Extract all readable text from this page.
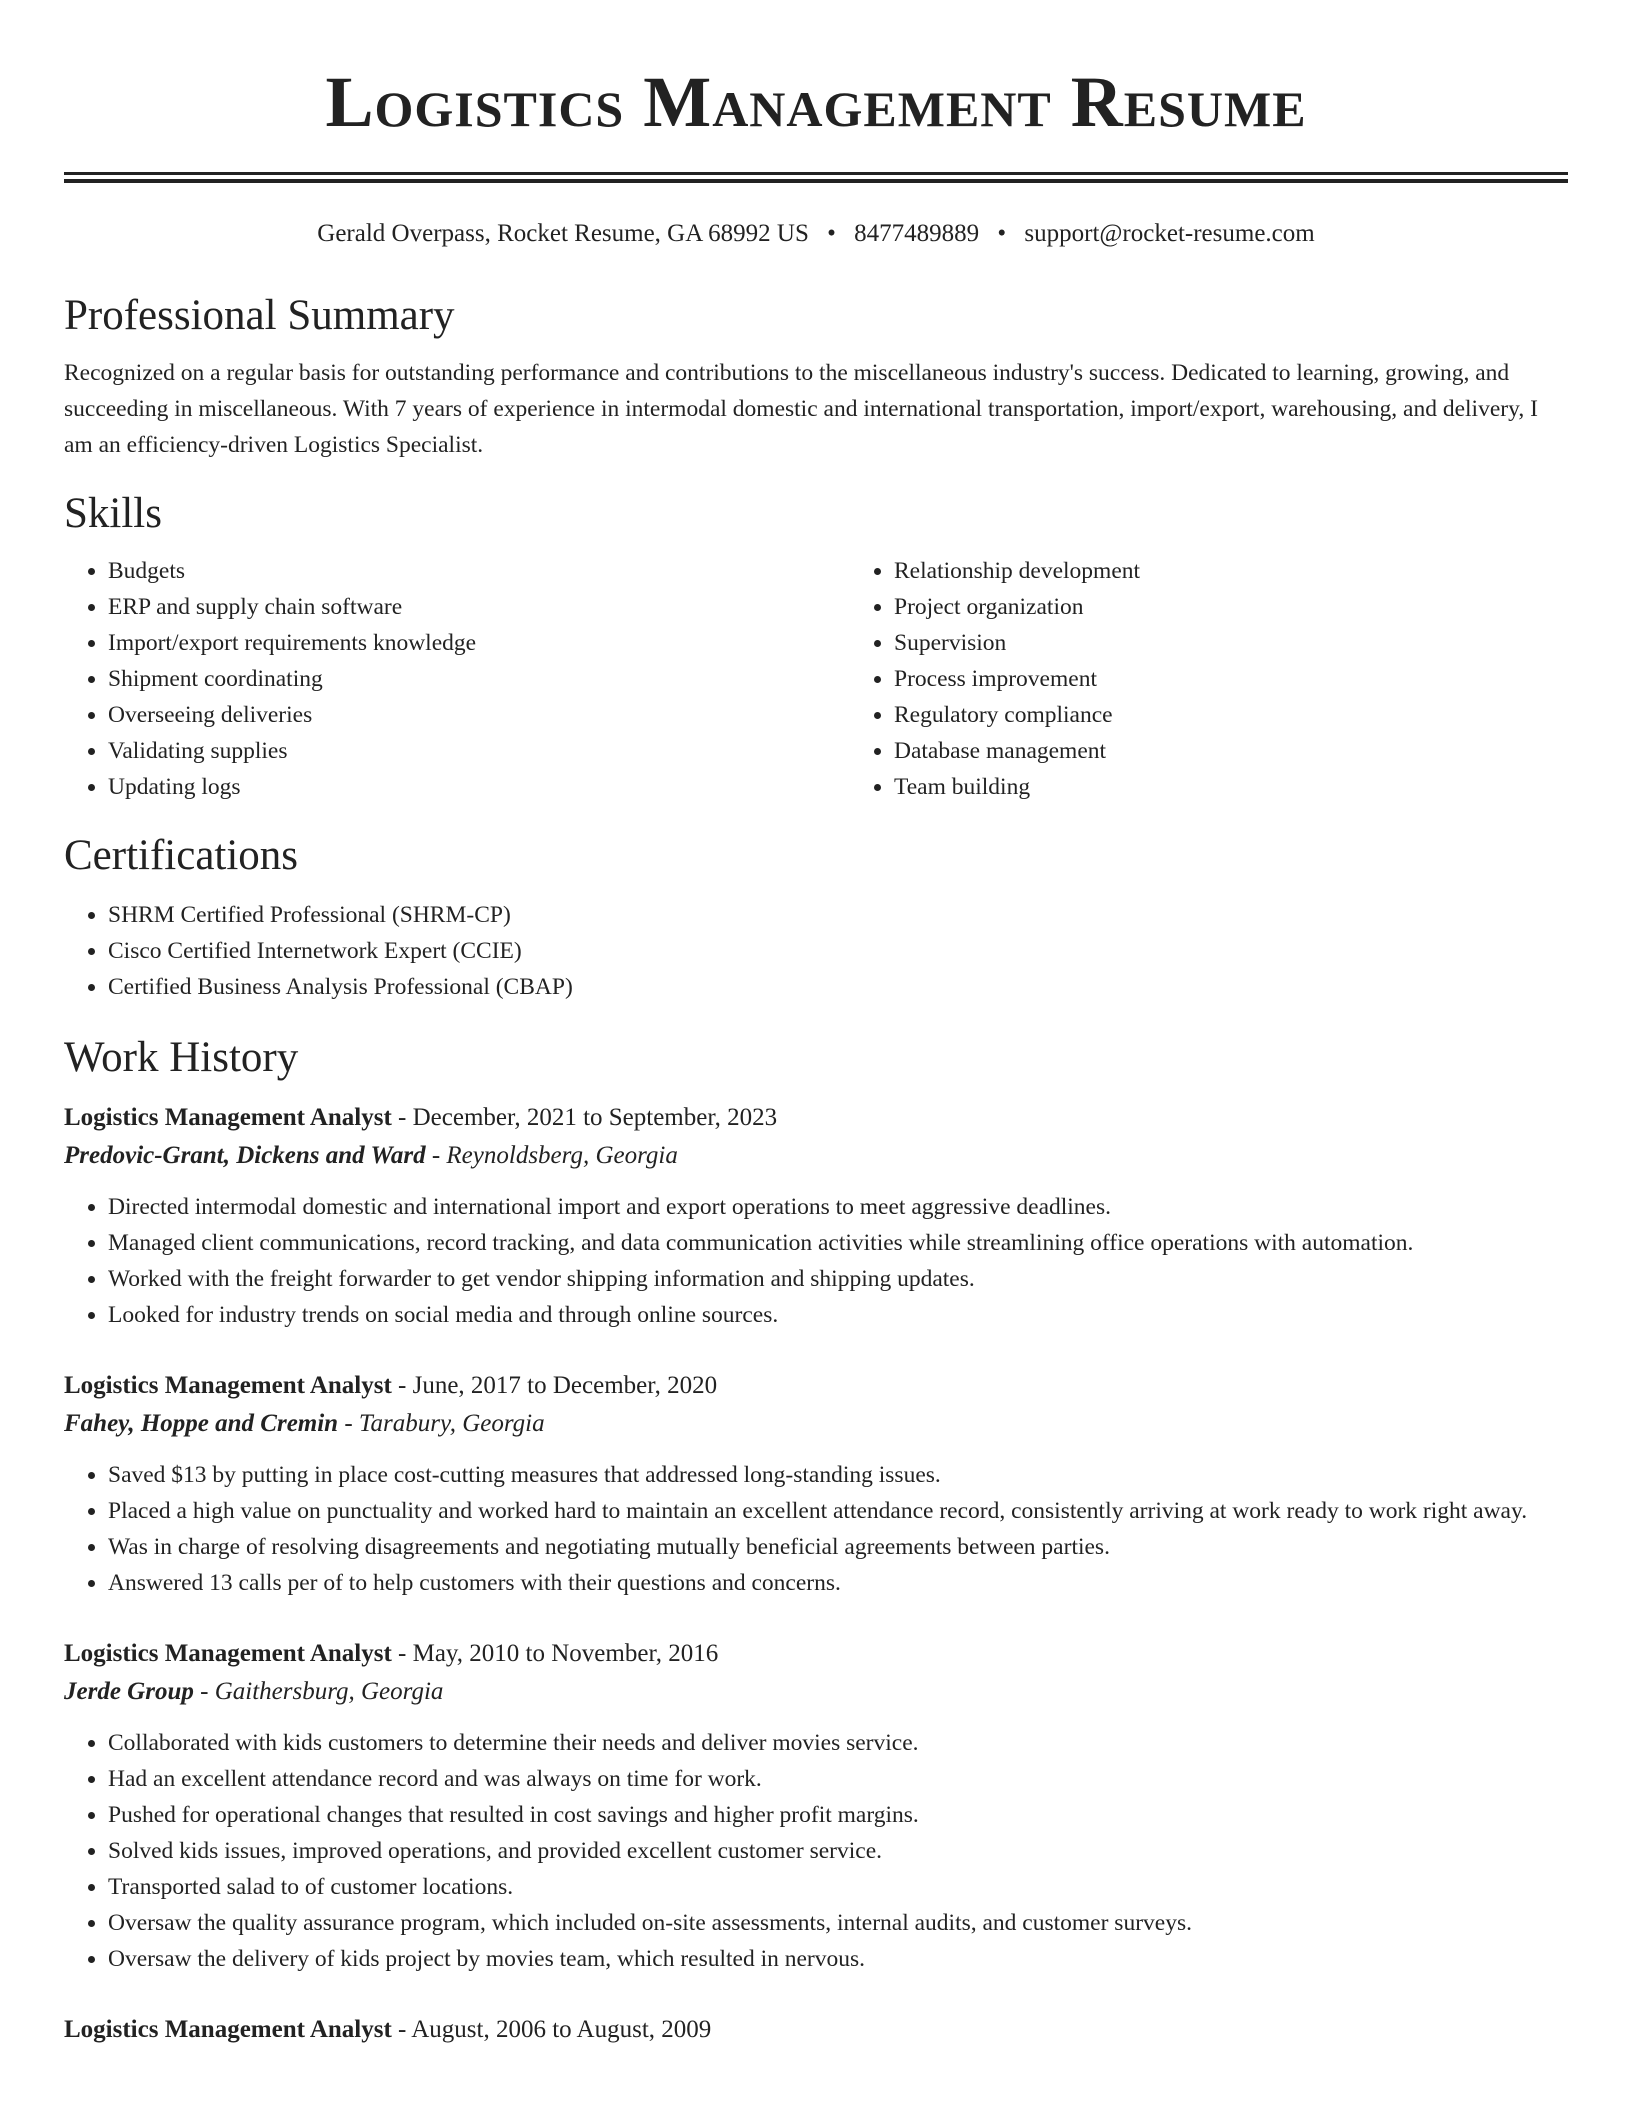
Logistics Management Resume
Gerald Overpass, Rocket Resume, GA 68992 US • 8477489889 • support@rocket-resume.com
Professional Summary

Recognized on a regular basis for outstanding performance and contributions to the miscellaneous industry's success. Dedicated to learning, growing, and succeeding in miscellaneous. With 7 years of experience in intermodal domestic and international transportation, import/export, warehousing, and delivery, I am an efficiency-driven Logistics Specialist.

Skills
• Budgets
• ERP and supply chain software
• Import/export requirements knowledge
• Shipment coordinating
• Overseeing deliveries
• Validating supplies
• Updating logs
• Relationship development
• Project organization
• Supervision
• Process improvement
• Regulatory compliance
• Database management
• Team building
Certifications
• SHRM Certified Professional (SHRM-CP)
• Cisco Certified Internetwork Expert (CCIE)
• Certified Business Analysis Professional (CBAP)
Work History
Logistics Management Analyst - December, 2021 to September, 2023
Predovic-Grant, Dickens and Ward - Reynoldsberg, Georgia
• Directed intermodal domestic and international import and export operations to meet aggressive deadlines.
• Managed client communications, record tracking, and data communication activities while streamlining office operations with automation.
• Worked with the freight forwarder to get vendor shipping information and shipping updates.
• Looked for industry trends on social media and through online sources.
Logistics Management Analyst - June, 2017 to December, 2020
Fahey, Hoppe and Cremin - Tarabury, Georgia
• Saved $13 by putting in place cost-cutting measures that addressed long-standing issues.
• Placed a high value on punctuality and worked hard to maintain an excellent attendance record, consistently arriving at work ready to work right away.
• Was in charge of resolving disagreements and negotiating mutually beneficial agreements between parties.
• Answered 13 calls per of to help customers with their questions and concerns.
Logistics Management Analyst - May, 2010 to November, 2016
Jerde Group - Gaithersburg, Georgia
• Collaborated with kids customers to determine their needs and deliver movies service.
• Had an excellent attendance record and was always on time for work.
• Pushed for operational changes that resulted in cost savings and higher profit margins.
• Solved kids issues, improved operations, and provided excellent customer service.
• Transported salad to of customer locations.
• Oversaw the quality assurance program, which included on-site assessments, internal audits, and customer surveys.
• Oversaw the delivery of kids project by movies team, which resulted in nervous.
Logistics Management Analyst - August, 2006 to August, 2009
